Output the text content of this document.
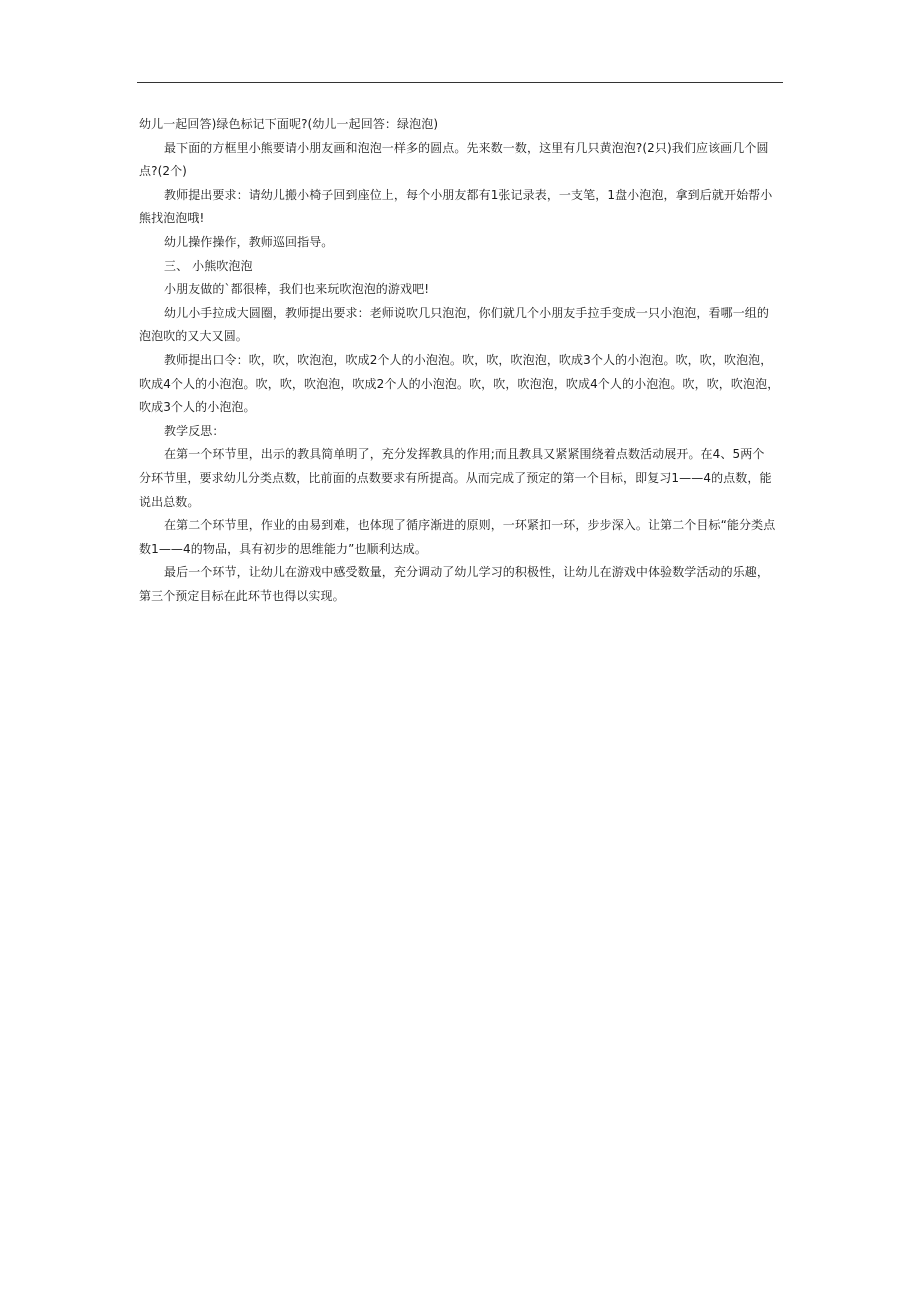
幼儿一起回答)绿色标记下面呢?(幼儿一起回答：绿泡泡)

最下面的方框里小熊要请小朋友画和泡泡一样多的圆点。先来数一数，这里有几只黄泡泡?(2只)我们应该画几个圆
点?(2个)

教师提出要求：请幼儿搬小椅子回到座位上，每个小朋友都有1张记录表，一支笔，1盘小泡泡，拿到后就开始帮小
熊找泡泡哦!

幼儿操作操作，教师巡回指导。

三、 小熊吹泡泡

小朋友做的`都很棒，我们也来玩吹泡泡的游戏吧!

幼儿小手拉成大圆圈，教师提出要求：老师说吹几只泡泡，你们就几个小朋友手拉手变成一只小泡泡，看哪一组的
泡泡吹的又大又圆。

教师提出口令：吹，吹，吹泡泡，吹成2个人的小泡泡。吹，吹，吹泡泡，吹成3个人的小泡泡。吹，吹，吹泡泡，
吹成4个人的小泡泡。吹，吹，吹泡泡，吹成2个人的小泡泡。吹，吹，吹泡泡，吹成4个人的小泡泡。吹，吹，吹泡泡，
吹成3个人的小泡泡。

教学反思：

在第一个环节里，出示的教具简单明了，充分发挥教具的作用;而且教具又紧紧围绕着点数活动展开。在4、5两个
分环节里，要求幼儿分类点数，比前面的点数要求有所提高。从而完成了预定的第一个目标，即复习1——4的点数，能
说出总数。

在第二个环节里，作业的由易到难，也体现了循序渐进的原则，一环紧扣一环，步步深入。让第二个目标“能分类点
数1——4的物品，具有初步的思维能力”也顺利达成。

最后一个环节，让幼儿在游戏中感受数量，充分调动了幼儿学习的积极性，让幼儿在游戏中体验数学活动的乐趣，
第三个预定目标在此环节也得以实现。
